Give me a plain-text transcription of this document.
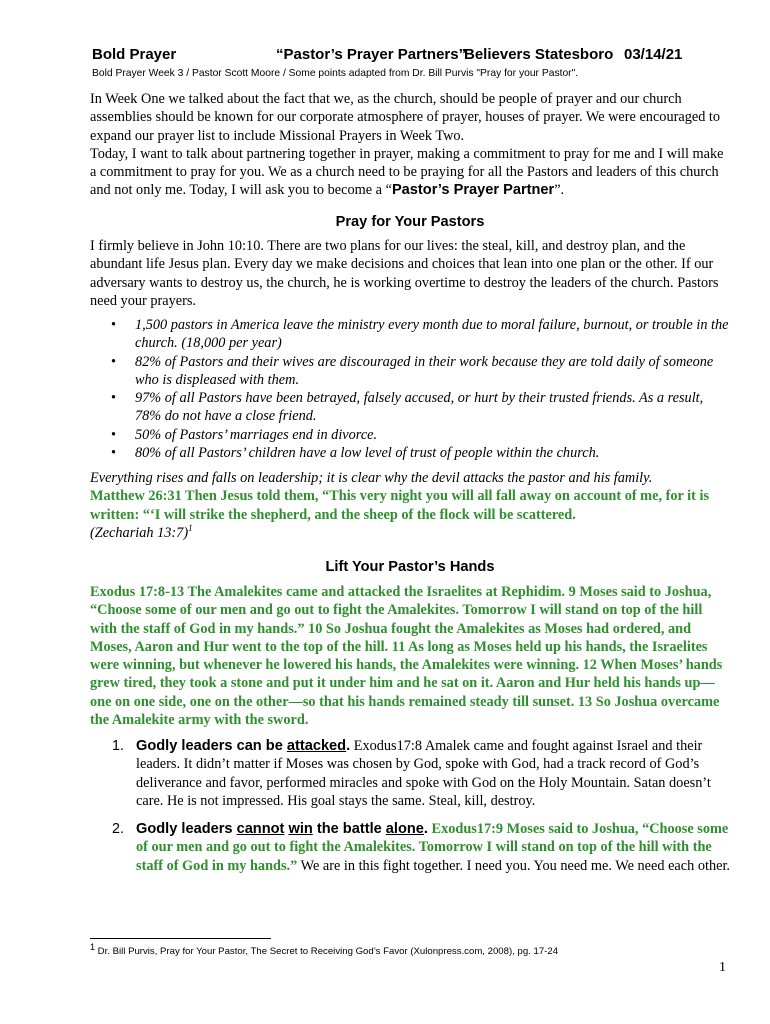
Bold Prayer	“Pastor’s Prayer Partners”
Believers Statesboro 03/14/21
Bold Prayer Week 3 / Pastor Scott Moore / Some points adapted from Dr. Bill Purvis "Pray for your Pastor".
In Week One we talked about the fact that we, as the church, should be people of prayer and our church assemblies should be known for our corporate atmosphere of prayer, houses of prayer. We were encouraged to expand our prayer list to include Missional Prayers in Week Two.
Today, I want to talk about partnering together in prayer, making a commitment to pray for me and I will make a commitment to pray for you. We as a church need to be praying for all the Pastors and leaders of this church and not only me. Today, I will ask you to become a “Pastor’s Prayer Partner”.
Pray for Your Pastors
I firmly believe in John 10:10. There are two plans for our lives: the steal, kill, and destroy plan, and the abundant life Jesus plan. Every day we make decisions and choices that lean into one plan or the other. If our adversary wants to destroy us, the church, he is working overtime to destroy the leaders of the church. Pastors need your prayers.
• 1,500 pastors in America leave the ministry every month due to moral failure, burnout, or trouble in the church. (18,000 per year)
• 82% of Pastors and their wives are discouraged in their work because they are told daily of someone who is displeased with them.
• 97% of all Pastors have been betrayed, falsely accused, or hurt by their trusted friends. As a result, 78% do not have a close friend.
• 50% of Pastors’ marriages end in divorce.
• 80% of all Pastors’ children have a low level of trust of people within the church.
Everything rises and falls on leadership; it is clear why the devil attacks the pastor and his family.
Matthew 26:31 Then Jesus told them, “This very night you will all fall away on account of me, for it is written: “‘I will strike the shepherd, and the sheep of the flock will be scattered.
(Zechariah 13:7)$^1$
Lift Your Pastor’s Hands
Exodus 17:8-13 The Amalekites came and attacked the Israelites at Rephidim. 9 Moses said to Joshua, “Choose some of our men and go out to fight the Amalekites. Tomorrow I will stand on top of the hill with the staff of God in my hands.” 10 So Joshua fought the Amalekites as Moses had ordered, and Moses, Aaron and Hur went to the top of the hill. 11 As long as Moses held up his hands, the Israelites were winning, but whenever he lowered his hands, the Amalekites were winning. 12 When Moses’ hands grew tired, they took a stone and put it under him and he sat on it. Aaron and Hur held his hands up—one on one side, one on the other—so that his hands remained steady till sunset. 13 So Joshua overcame the Amalekite army with the sword.
1. Godly leaders can be attacked. Exodus17:8 Amalek came and fought against Israel and their leaders. It didn’t matter if Moses was chosen by God, spoke with God, had a track record of God’s deliverance and favor, performed miracles and spoke with God on the Holy Mountain. Satan doesn’t care. He is not impressed. His goal stays the same. Steal, kill, destroy.
2. Godly leaders cannot win the battle alone. Exodus17:9 Moses said to Joshua, “Choose some of our men and go out to fight the Amalekites. Tomorrow I will stand on top of the hill with the staff of God in my hands.” We are in this fight together. I need you. You need me. We need each other.
$^1$ Dr. Bill Purvis, Pray for Your Pastor, The Secret to Receiving God’s Favor (Xulonpress.com, 2008), pg. 17-24
1
